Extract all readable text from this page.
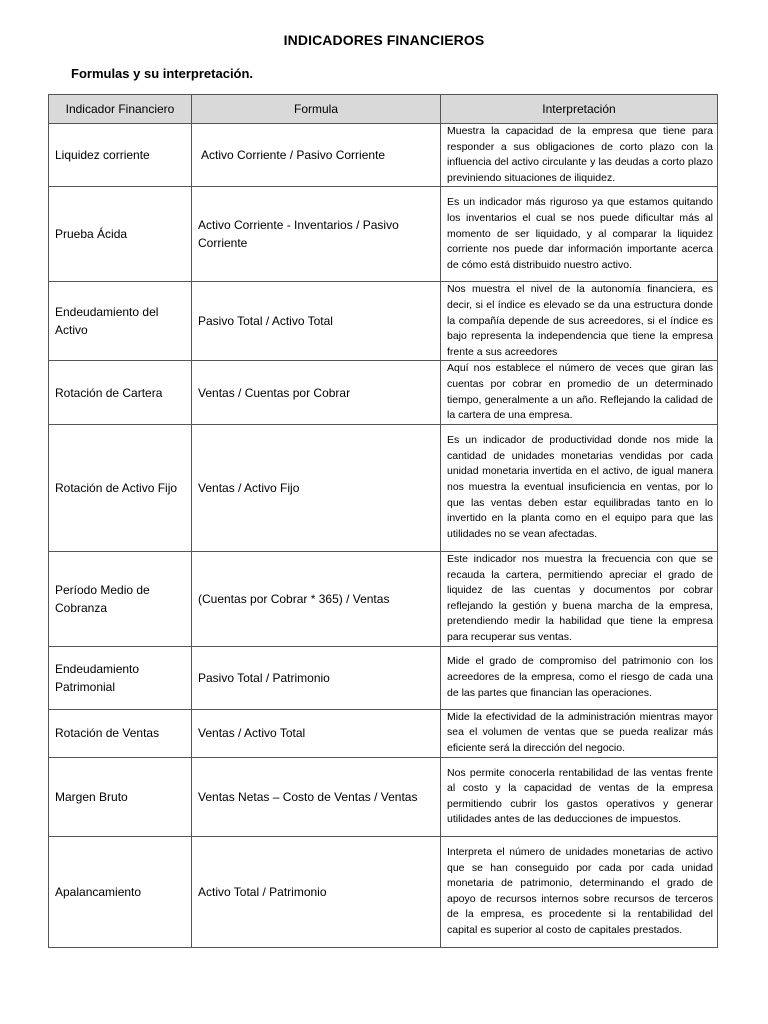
INDICADORES FINANCIEROS
Formulas y su interpretación.
Indicador Financiero	Formula	Interpretación
Liquidez corriente	Activo Corriente / Pasivo Corriente	Muestra la capacidad de la empresa que tiene para responder a sus obligaciones de corto plazo con la influencia del activo circulante y las deudas a corto plazo previniendo situaciones de iliquidez.
Prueba Ácida	Activo Corriente - Inventarios / Pasivo Corriente	Es un indicador más riguroso ya que estamos quitando los inventarios el cual se nos puede dificultar más al momento de ser liquidado, y al comparar la liquidez corriente nos puede dar información importante acerca de cómo está distribuido nuestro activo.
Endeudamiento del Activo	Pasivo Total / Activo Total	Nos muestra el nivel de la autonomía financiera, es decir, si el índice es elevado se da una estructura donde la compañía depende de sus acreedores, si el índice es bajo representa la independencia que tiene la empresa frente a sus acreedores
Rotación de Cartera	Ventas / Cuentas por Cobrar	Aquí nos establece el número de veces que giran las cuentas por cobrar en promedio de un determinado tiempo, generalmente a un año. Reflejando la calidad de la cartera de una empresa.
Rotación de Activo Fijo	Ventas / Activo Fijo	Es un indicador de productividad donde nos mide la cantidad de unidades monetarias vendidas por cada unidad monetaria invertida en el activo, de igual manera nos muestra la eventual insuficiencia en ventas, por lo que las ventas deben estar equilibradas tanto en lo invertido en la planta como en el equipo para que las utilidades no se vean afectadas.
Período Medio de Cobranza	(Cuentas por Cobrar * 365) / Ventas	Este indicador nos muestra la frecuencia con que se recauda la cartera, permitiendo apreciar el grado de liquidez de las cuentas y documentos por cobrar reflejando la gestión y buena marcha de la empresa, pretendiendo medir la habilidad que tiene la empresa para recuperar sus ventas.
Endeudamiento Patrimonial	Pasivo Total / Patrimonio	Mide el grado de compromiso del patrimonio con los acreedores de la empresa, como el riesgo de cada una de las partes que financian las operaciones.
Rotación de Ventas	Ventas / Activo Total	Mide la efectividad de la administración mientras mayor sea el volumen de ventas que se pueda realizar más eficiente será la dirección del negocio.
Margen Bruto	Ventas Netas – Costo de Ventas / Ventas	Nos permite conocerla rentabilidad de las ventas frente al costo y la capacidad de ventas de la empresa permitiendo cubrir los gastos operativos y generar utilidades antes de las deducciones de impuestos.
Apalancamiento	Activo Total / Patrimonio	Interpreta el número de unidades monetarias de activo que se han conseguido por cada por cada unidad monetaria de patrimonio, determinando el grado de apoyo de recursos internos sobre recursos de terceros de la empresa, es procedente si la rentabilidad del capital es superior al costo de capitales prestados.
